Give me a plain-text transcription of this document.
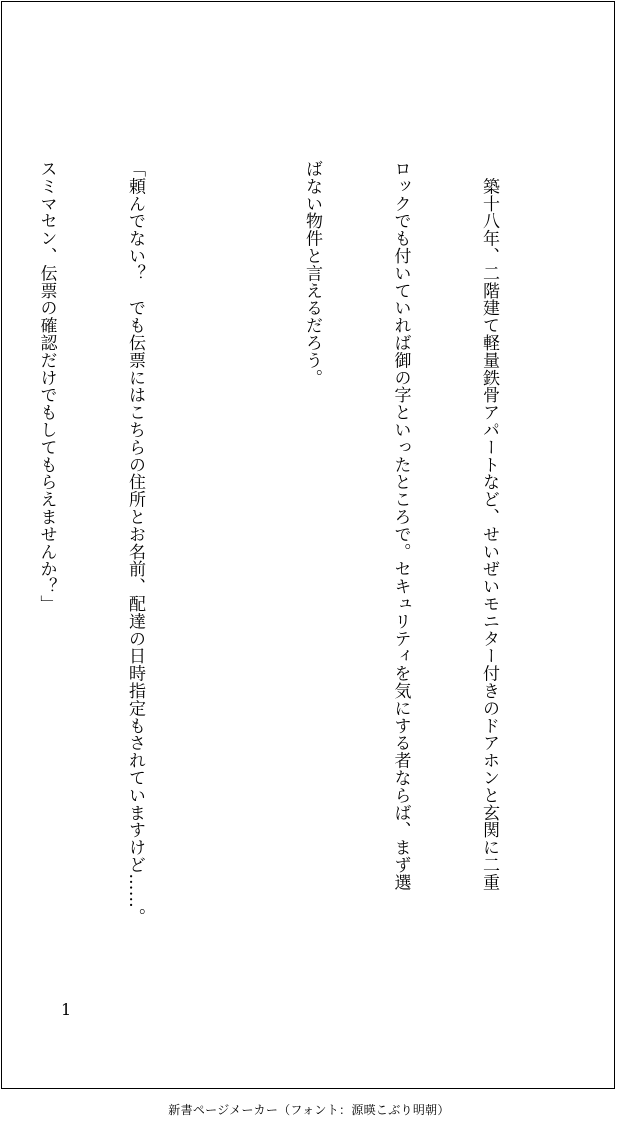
　築十八年、二階建て軽量鉄骨アパートなど、せいぜいモニター付きのドアホンと玄関に二重

ロックでも付いていれば御の字といったところで。セキュリティを気にする者ならば、まず選

ばない物件と言えるだろう。

「頼んでない？　でも伝票にはこちらの住所とお名前、配達の日時指定もされていますけど……。

スミマセン、伝票の確認だけでもしてもらえませんか？」

1
新書ページメーカー（フォント：源暎こぶり明朝）
